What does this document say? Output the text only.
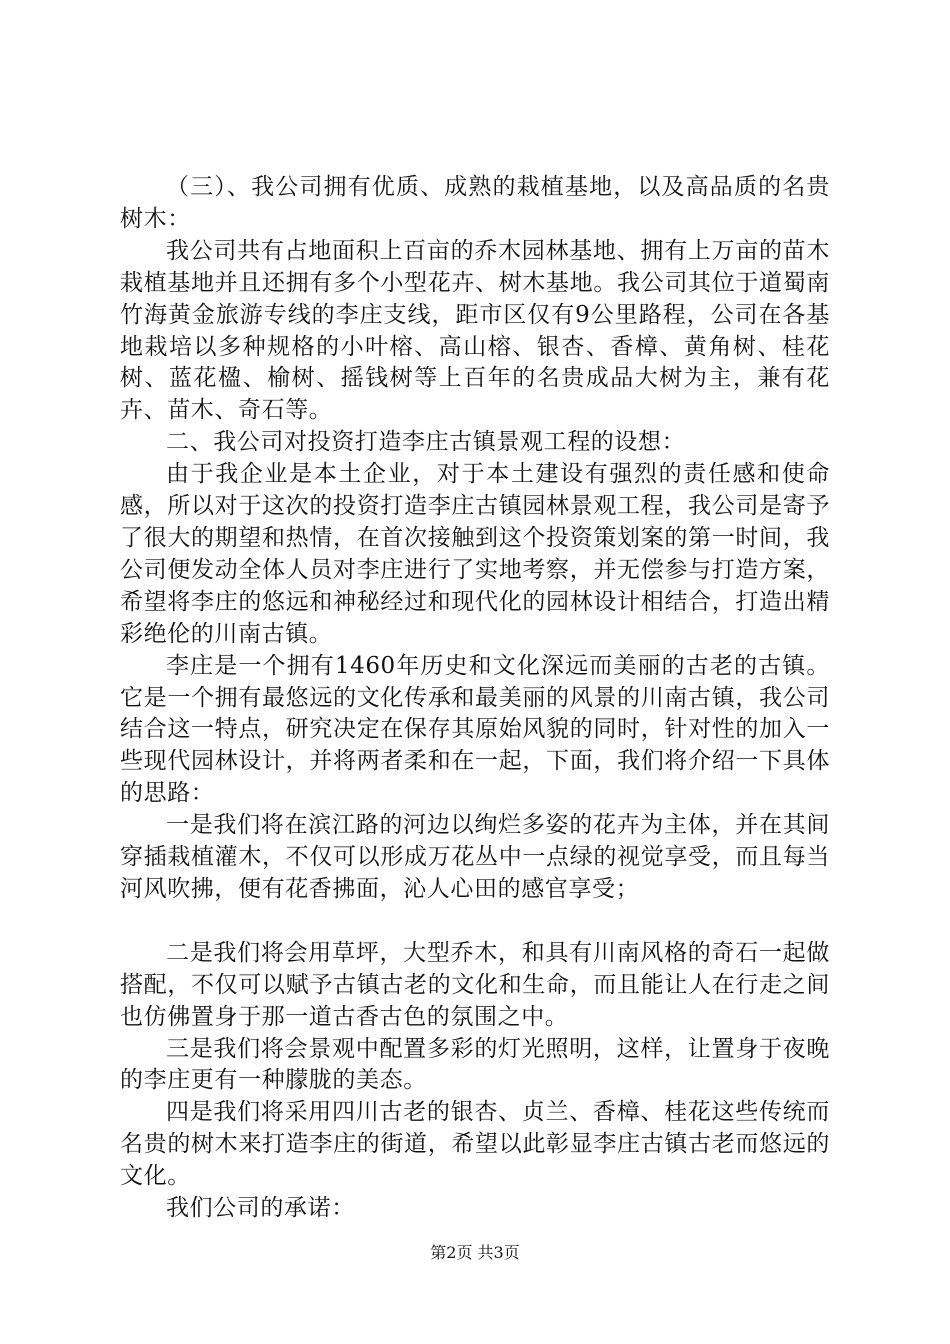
（三）、我公司拥有优质、成熟的栽植基地，以及高品质的名贵树木：

我公司共有占地面积上百亩的乔木园林基地、拥有上万亩的苗木栽植基地并且还拥有多个小型花卉、树木基地。我公司其位于道蜀南竹海黄金旅游专线的李庄支线，距市区仅有9公里路程，公司在各基地栽培以多种规格的小叶榕、高山榕、银杏、香樟、黄角树、桂花树、蓝花楹、榆树、摇钱树等上百年的名贵成品大树为主，兼有花卉、苗木、奇石等。

二、我公司对投资打造李庄古镇景观工程的设想：

由于我企业是本土企业，对于本土建设有强烈的责任感和使命感，所以对于这次的投资打造李庄古镇园林景观工程，我公司是寄予了很大的期望和热情，在首次接触到这个投资策划案的第一时间，我公司便发动全体人员对李庄进行了实地考察，并无偿参与打造方案，希望将李庄的悠远和神秘经过和现代化的园林设计相结合，打造出精彩绝伦的川南古镇。

李庄是一个拥有1460年历史和文化深远而美丽的古老的古镇。它是一个拥有最悠远的文化传承和最美丽的风景的川南古镇，我公司结合这一特点，研究决定在保存其原始风貌的同时，针对性的加入一些现代园林设计，并将两者柔和在一起，下面，我们将介绍一下具体的思路：

一是我们将在滨江路的河边以绚烂多姿的花卉为主体，并在其间穿插栽植灌木，不仅可以形成万花丛中一点绿的视觉享受，而且每当河风吹拂，便有花香拂面，沁人心田的感官享受；

二是我们将会用草坪，大型乔木，和具有川南风格的奇石一起做搭配，不仅可以赋予古镇古老的文化和生命，而且能让人在行走之间也仿佛置身于那一道古香古色的氛围之中。

三是我们将会景观中配置多彩的灯光照明，这样，让置身于夜晚的李庄更有一种朦胧的美态。

四是我们将采用四川古老的银杏、贞兰、香樟、桂花这些传统而名贵的树木来打造李庄的街道，希望以此彰显李庄古镇古老而悠远的文化。

我们公司的承诺：

第2页 共3页
